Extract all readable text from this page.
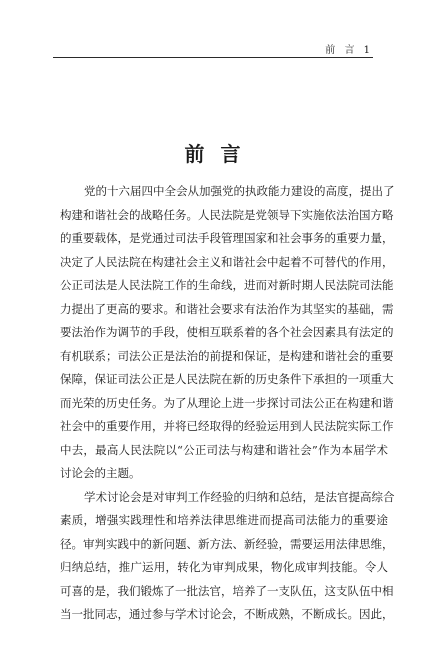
前 言 1
前言
党的十六届四中全会从加强党的执政能力建设的高度，提出了
构建和谐社会的战略任务。人民法院是党领导下实施依法治国方略
的重要载体，是党通过司法手段管理国家和社会事务的重要力量，
决定了人民法院在构建社会主义和谐社会中起着不可替代的作用，
公正司法是人民法院工作的生命线，进而对新时期人民法院司法能
力提出了更高的要求。和谐社会要求有法治作为其坚实的基础，需
要法治作为调节的手段，使相互联系着的各个社会因素具有法定的
有机联系；司法公正是法治的前提和保证，是构建和谐社会的重要
保障，保证司法公正是人民法院在新的历史条件下承担的一项重大
而光荣的历史任务。为了从理论上进一步探讨司法公正在构建和谐
社会中的重要作用，并将已经取得的经验运用到人民法院实际工作
中去，最高人民法院以“公正司法与构建和谐社会”作为本届学术
讨论会的主题。
学术讨论会是对审判工作经验的归纳和总结，是法官提高综合
素质，增强实践理性和培养法律思维进而提高司法能力的重要途
径。审判实践中的新问题、新方法、新经验，需要运用法律思维，
归纳总结，推广运用，转化为审判成果，物化成审判技能。令人
可喜的是，我们锻炼了一批法官，培养了一支队伍，这支队伍中相
当一批同志，通过参与学术讨论会，不断成熟，不断成长。因此，
